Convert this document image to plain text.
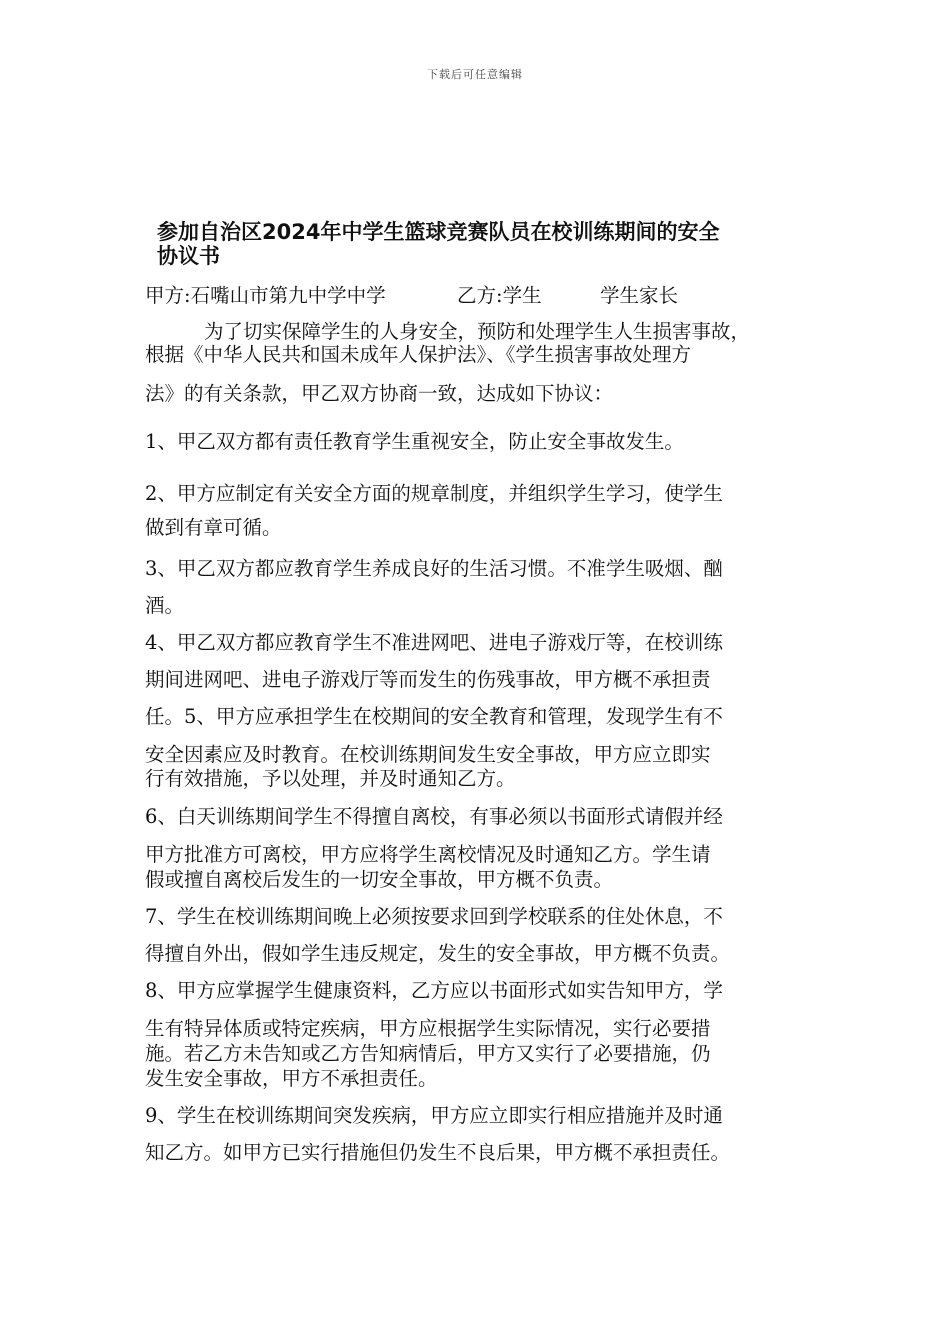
下载后可任意编辑
参加自治区2024年中学生篮球竞赛队员在校训练期间的安全
协议书
甲方:石嘴山市第九中学中学	乙方:学生	学生家长
为了切实保障学生的人身安全，预防和处理学生人生损害事故，
根据《中华人民共和国未成年人保护法》、《学生损害事故处理方
法》的有关条款，甲乙双方协商一致，达成如下协议：
1、甲乙双方都有责任教育学生重视安全，防止安全事故发生。
2、甲方应制定有关安全方面的规章制度，并组织学生学习，使学生
做到有章可循。
3、甲乙双方都应教育学生养成良好的生活习惯。不准学生吸烟、酗
酒。
4、甲乙双方都应教育学生不准进网吧、进电子游戏厅等，在校训练
期间进网吧、进电子游戏厅等而发生的伤残事故，甲方概不承担责
任。5、甲方应承担学生在校期间的安全教育和管理，发现学生有不
安全因素应及时教育。在校训练期间发生安全事故，甲方应立即实
行有效措施，予以处理，并及时通知乙方。
6、白天训练期间学生不得擅自离校，有事必须以书面形式请假并经
甲方批准方可离校，甲方应将学生离校情况及时通知乙方。学生请
假或擅自离校后发生的一切安全事故，甲方概不负责。
7、学生在校训练期间晚上必须按要求回到学校联系的住处休息，不
得擅自外出，假如学生违反规定，发生的安全事故，甲方概不负责。
8、甲方应掌握学生健康资料，乙方应以书面形式如实告知甲方，学
生有特异体质或特定疾病，甲方应根据学生实际情况，实行必要措
施。若乙方未告知或乙方告知病情后，甲方又实行了必要措施，仍
发生安全事故，甲方不承担责任。
9、学生在校训练期间突发疾病，甲方应立即实行相应措施并及时通
知乙方。如甲方已实行措施但仍发生不良后果，甲方概不承担责任。
